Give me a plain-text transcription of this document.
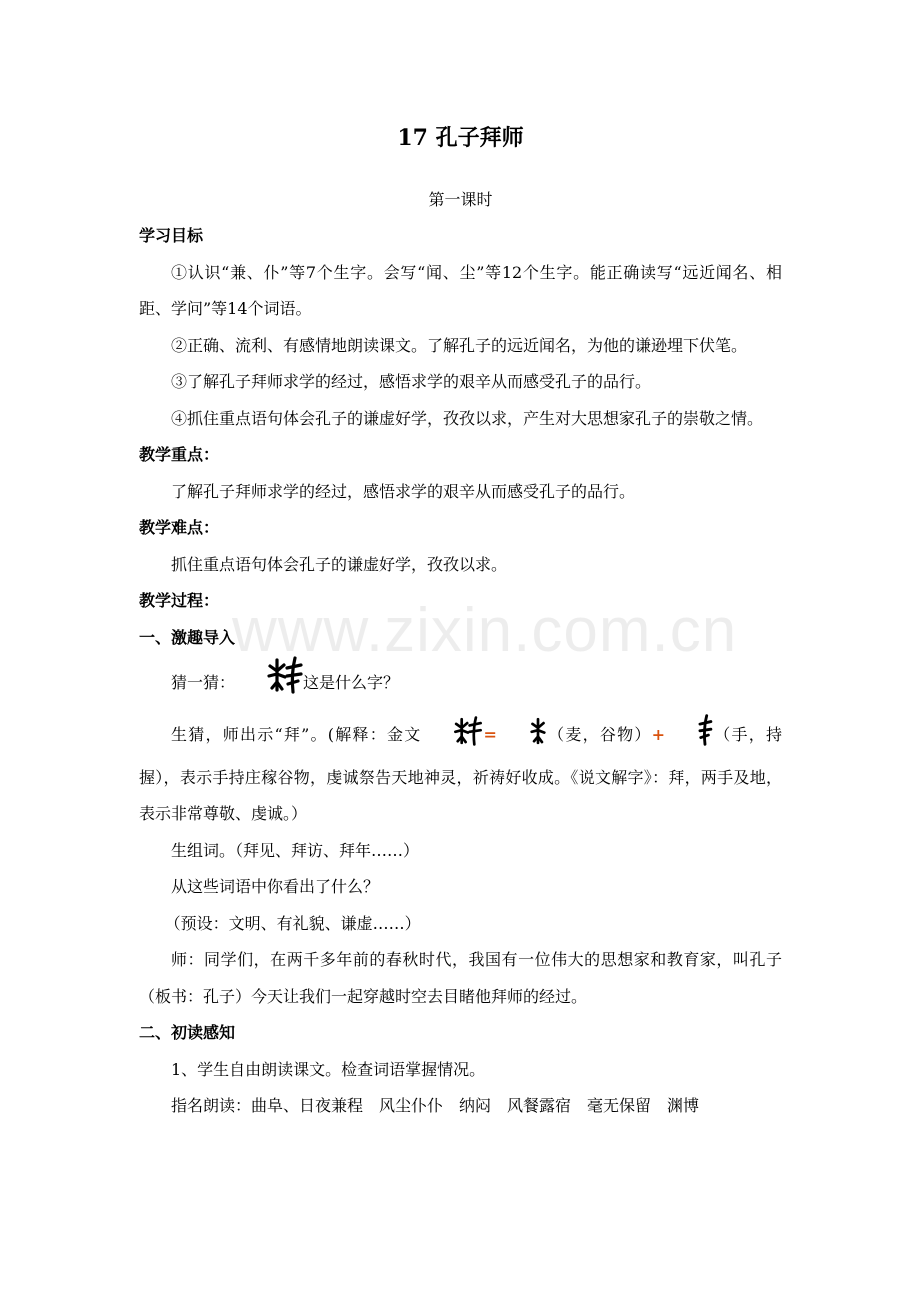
www.zixin.com.cn
17 孔子拜师
第一课时
学习目标

①认识“兼、仆”等7个生字。会写“闻、尘”等12个生字。能正确读写“远近闻名、相距、学问”等14个词语。

②正确、流利、有感情地朗读课文。了解孔子的远近闻名，为他的谦逊埋下伏笔。

③了解孔子拜师求学的经过，感悟求学的艰辛从而感受孔子的品行。

④抓住重点语句体会孔子的谦虚好学，孜孜以求，产生对大思想家孔子的崇敬之情。

教学重点：

了解孔子拜师求学的经过，感悟求学的艰辛从而感受孔子的品行。

教学难点：

抓住重点语句体会孔子的谦虚好学，孜孜以求。

教学过程：
一、激趣导入

猜一猜：	这是什么字？

生猜，师出示“拜”。(解释：金文	=	（麦，谷物）+	（手，持握），表示手持庄稼谷物，虔诚祭告天地神灵，祈祷好收成。《说文解字》：拜，两手及地，表示非常尊敬、虔诚。）

生组词。（拜见、拜访、拜年……）

从这些词语中你看出了什么？

（预设：文明、有礼貌、谦虚……）

师：同学们，在两千多年前的春秋时代，我国有一位伟大的思想家和教育家，叫孔子（板书：孔子）今天让我们一起穿越时空去目睹他拜师的经过。

二、初读感知

1、学生自由朗读课文。检查词语掌握情况。

指名朗读：曲阜、日夜兼程　风尘仆仆　纳闷　风餐露宿　毫无保留　渊博
